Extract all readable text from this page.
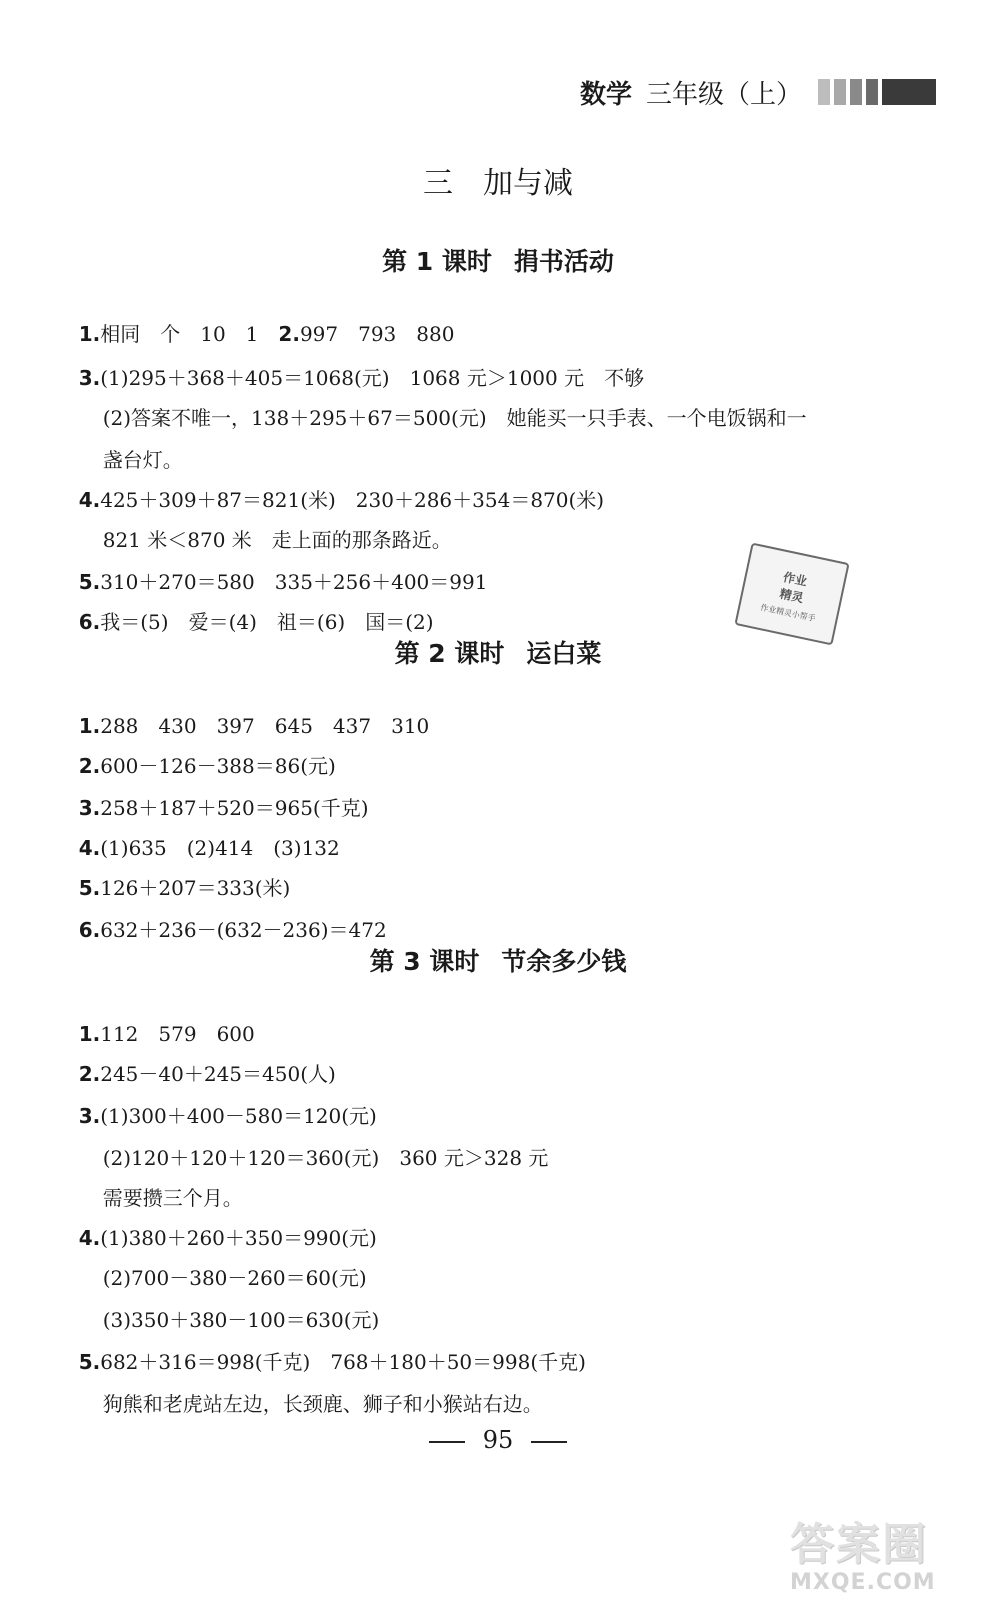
数学 三年级（上）
三　加与减
第 1 课时 捐书活动

1.相同　个　10　1　2.997　793　880

3.(1)295＋368＋405＝1068(元)　1068 元＞1000 元　不够

(2)答案不唯一，138＋295＋67＝500(元)　她能买一只手表、一个电饭锅和一

盏台灯。

4.425＋309＋87＝821(米)　230＋286＋354＝870(米)

821 米＜870 米　走上面的那条路近。

5.310＋270＝580　335＋256＋400＝991

6.我＝(5)　爱＝(4)　祖＝(6)　国＝(2)

作业
精灵
作业精灵小帮手
第 2 课时 运白菜

1.288　430　397　645　437　310

2.600－126－388＝86(元)

3.258＋187＋520＝965(千克)

4.(1)635　(2)414　(3)132

5.126＋207＝333(米)

6.632＋236－(632－236)＝472

第 3 课时 节余多少钱

1.112　579　600

2.245－40＋245＝450(人)

3.(1)300＋400－580＝120(元)

(2)120＋120＋120＝360(元)　360 元＞328 元

需要攒三个月。

4.(1)380＋260＋350＝990(元)

(2)700－380－260＝60(元)

(3)350＋380－100＝630(元)

5.682＋316＝998(千克)　768＋180＋50＝998(千克)

狗熊和老虎站左边，长颈鹿、狮子和小猴站右边。

95
答案圈
MXQE.COM
